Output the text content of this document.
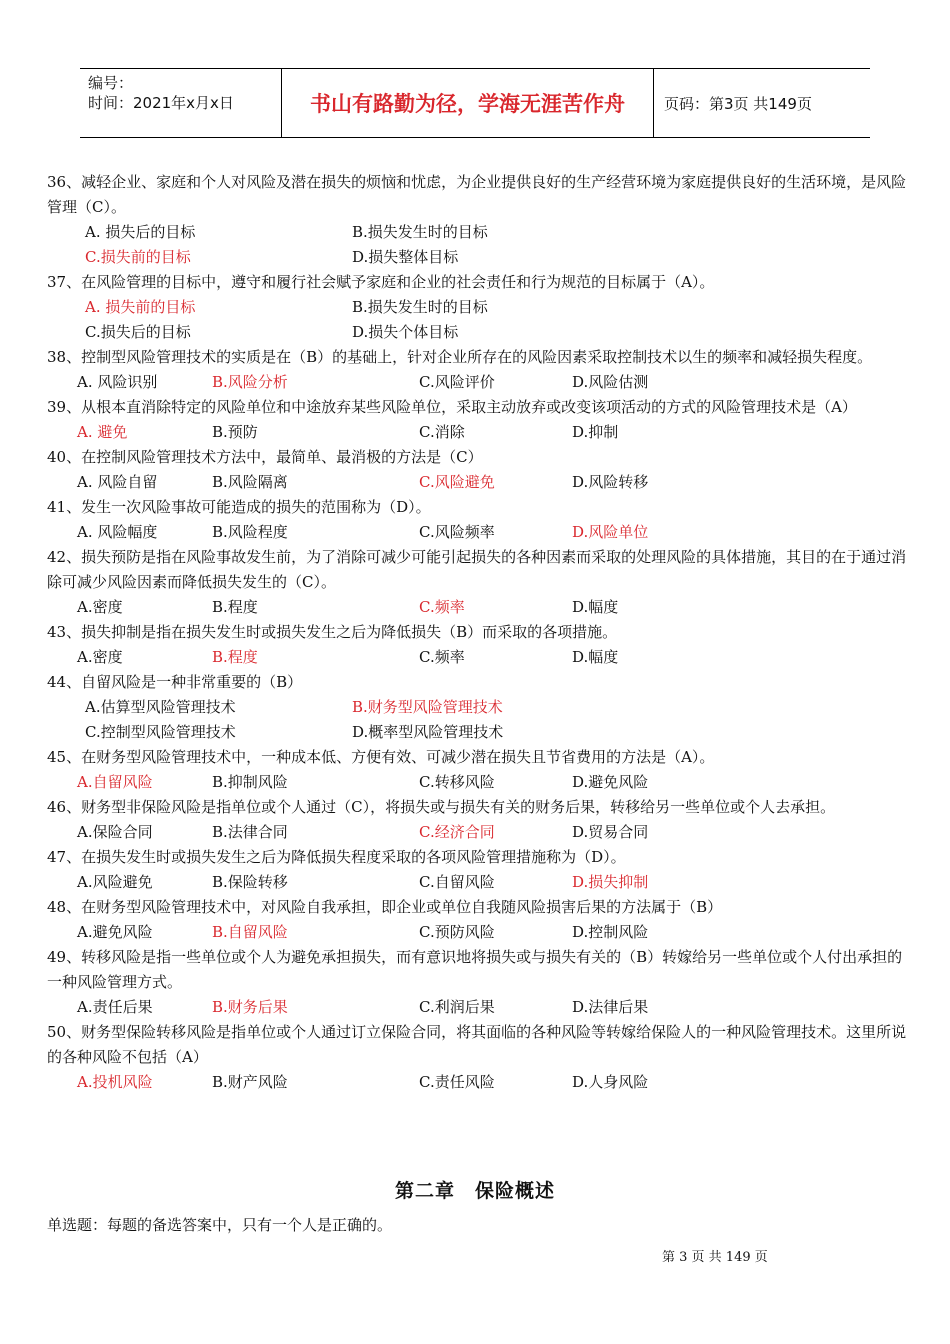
编号：
时间：2021年x月x日	书山有路勤为径，学海无涯苦作舟	页码：第3页 共149页

36、减轻企业、家庭和个人对风险及潜在损失的烦恼和忧虑，为企业提供良好的生产经营环境为家庭提供良好的生活环境，是风险管理（C）。

A. 损失后的目标	B.损失发生时的目标
C.损失前的目标	D.损失整体目标

37、在风险管理的目标中，遵守和履行社会赋予家庭和企业的社会责任和行为规范的目标属于（A）。

A. 损失前的目标	B.损失发生时的目标
C.损失后的目标	D.损失个体目标

38、控制型风险管理技术的实质是在（B）的基础上，针对企业所存在的风险因素采取控制技术以生的频率和减轻损失程度。

A. 风险识别	B.风险分析	C.风险评价	D.风险估测

39、从根本直消除特定的风险单位和中途放弃某些风险单位，采取主动放弃或改变该项活动的方式的风险管理技术是（A）

A. 避免	B.预防	C.消除	D.抑制

40、在控制风险管理技术方法中，最简单、最消极的方法是（C）

A. 风险自留	B.风险隔离	C.风险避免	D.风险转移

41、发生一次风险事故可能造成的损失的范围称为（D）。

A. 风险幅度	B.风险程度	C.风险频率	D.风险单位

42、损失预防是指在风险事故发生前，为了消除可减少可能引起损失的各种因素而采取的处理风险的具体措施，其目的在于通过消除可减少风险因素而降低损失发生的（C）。

A.密度	B.程度	C.频率	D.幅度

43、损失抑制是指在损失发生时或损失发生之后为降低损失（B）而采取的各项措施。

A.密度	B.程度	C.频率	D.幅度

44、自留风险是一种非常重要的（B）

A.估算型风险管理技术	B.财务型风险管理技术
C.控制型风险管理技术	D.概率型风险管理技术

45、在财务型风险管理技术中，一种成本低、方便有效、可减少潜在损失且节省费用的方法是（A）。

A.自留风险	B.抑制风险	C.转移风险	D.避免风险

46、财务型非保险风险是指单位或个人通过（C），将损失或与损失有关的财务后果，转移给另一些单位或个人去承担。

A.保险合同	B.法律合同	C.经济合同	D.贸易合同

47、在损失发生时或损失发生之后为降低损失程度采取的各项风险管理措施称为（D）。

A.风险避免	B.保险转移	C.自留风险	D.损失抑制

48、在财务型风险管理技术中，对风险自我承担，即企业或单位自我随风险损害后果的方法属于（B）

A.避免风险	B.自留风险	C.预防风险	D.控制风险

49、转移风险是指一些单位或个人为避免承担损失，而有意识地将损失或与损失有关的（B）转嫁给另一些单位或个人付出承担的一种风险管理方式。

A.责任后果	B.财务后果	C.利润后果	D.法律后果

50、财务型保险转移风险是指单位或个人通过订立保险合同，将其面临的各种风险等转嫁给保险人的一种风险管理技术。这里所说的各种风险不包括（A）

A.投机风险	B.财产风险	C.责任风险	D.人身风险
第二章　保险概述
单选题：每题的备选答案中，只有一个人是正确的。
第 3 页 共 149 页
